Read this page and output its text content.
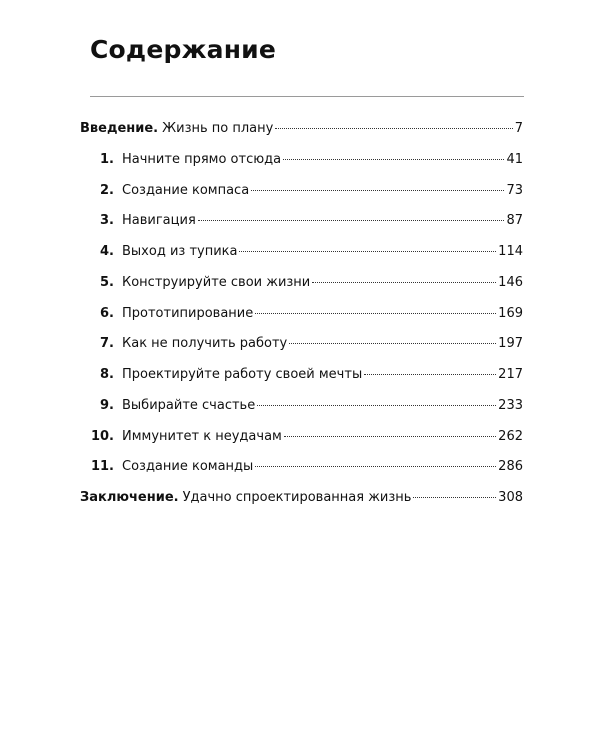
Содержание
Введение. Жизнь по плану	7
1. Начните прямо отсюда	41
2. Создание компаса	73
3. Навигация	87
4. Выход из тупика	114
5. Конструируйте свои жизни	146
6. Прототипирование	169
7. Как не получить работу	197
8. Проектируйте работу своей мечты	217
9. Выбирайте счастье	233
10. Иммунитет к неудачам	262
11. Создание команды	286
Заключение. Удачно спроектированная жизнь	308
